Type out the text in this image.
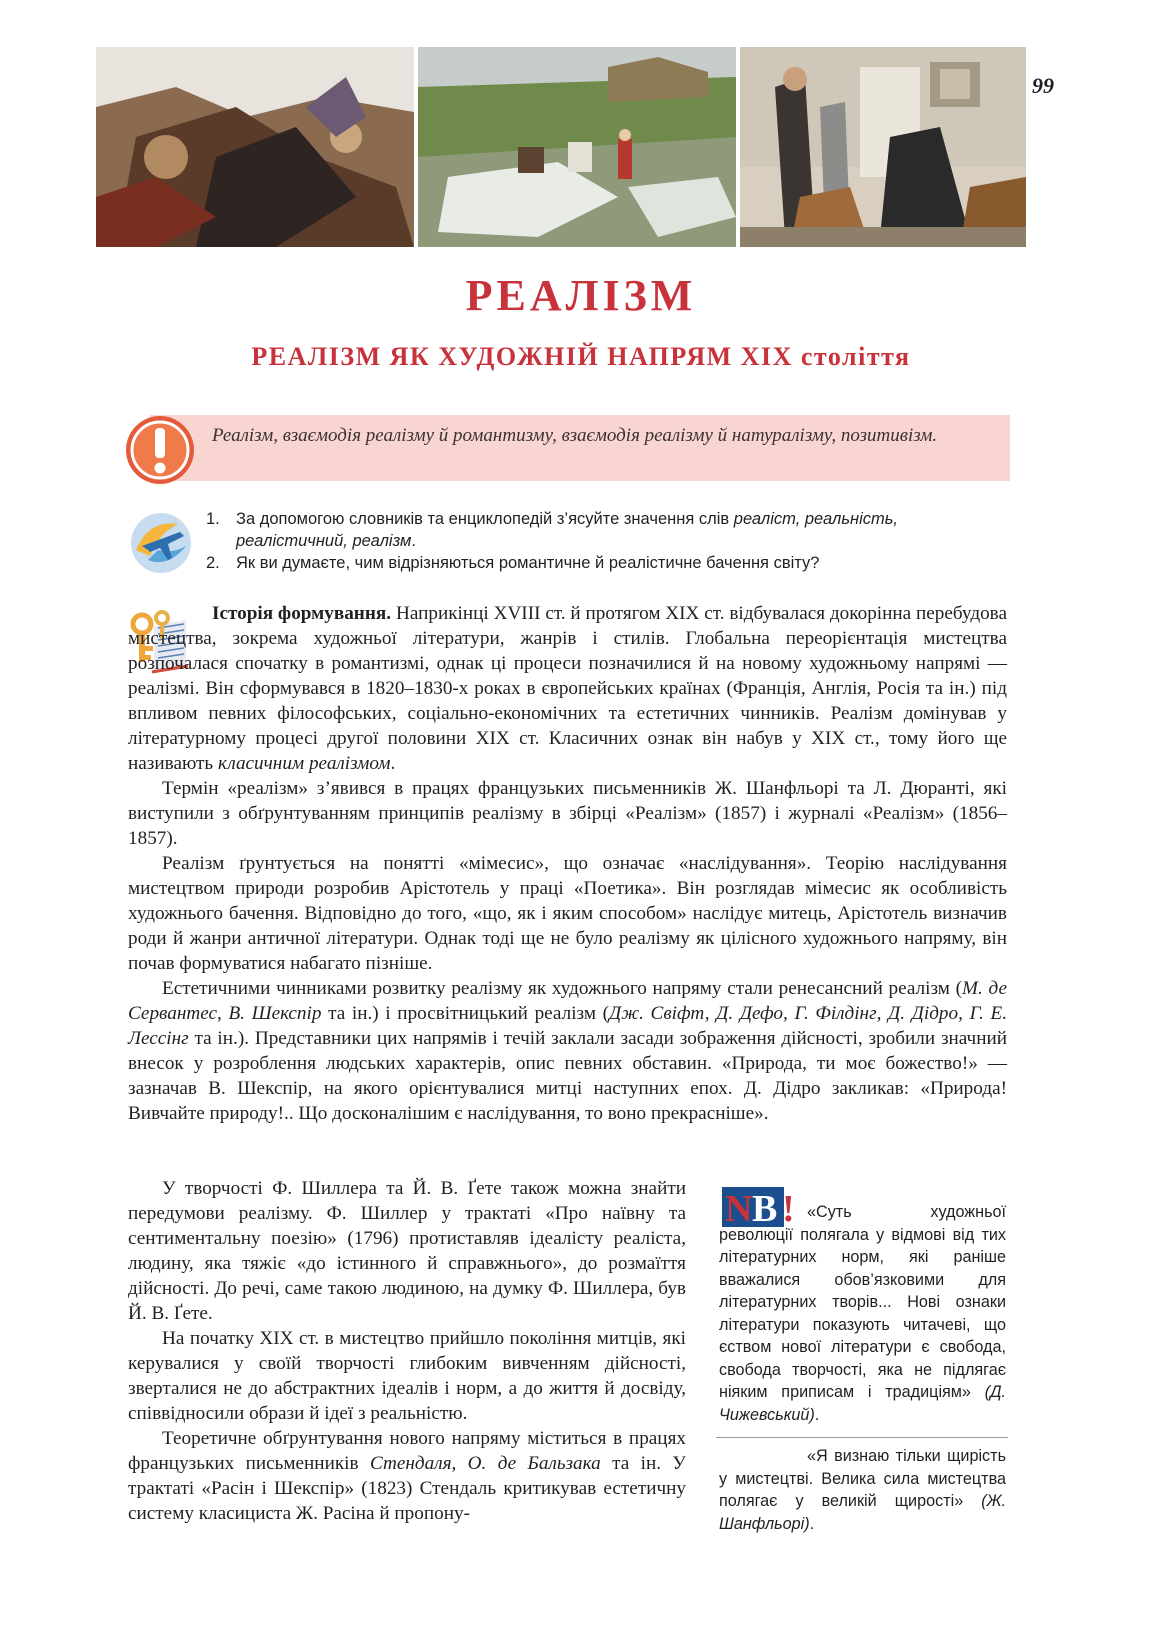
99
РЕАЛІЗМ
РЕАЛІЗМ ЯК ХУДОЖНІЙ НАПРЯМ XIX століття
Реалізм, взаємодія реалізму й романтизму, взаємодія реалізму й натуралізму, позитивізм.
1. За допомогою словників та енциклопедій з’ясуйте значення слів реаліст, реальність, реалістичний, реалізм.
2. Як ви думаєте, чим відрізняються романтичне й реалістичне бачення світу?

Історія формування. Наприкінці XVIII ст. й протягом XIX ст. відбувалася докорінна перебудова мистецтва, зокрема художньої літератури, жанрів і стилів. Глобальна переорієнтація мистецтва розпочалася спочатку в романтизмі, однак ці процеси позначилися й на новому художньому напрямі — реалізмі. Він сформувався в 1820–1830-х роках в європейських країнах (Франція, Англія, Росія та ін.) під впливом певних філософських, соціально-економічних та естетичних чинників. Реалізм домінував у літературному процесі другої половини XIX ст. Класичних ознак він набув у XIX ст., тому його ще називають класичним реалізмом.

Термін «реалізм» з’явився в працях французьких письменників Ж. Шанфльорі та Л. Дюранті, які виступили з обґрунтуванням принципів реалізму в збірці «Реалізм» (1857) і журналі «Реалізм» (1856–1857).

Реалізм ґрунтується на понятті «мімесис», що означає «наслідування». Теорію наслідування мистецтвом природи розробив Арістотель у праці «Поетика». Він розглядав мімесис як особливість художнього бачення. Відповідно до того, «що, як і яким способом» наслідує митець, Арістотель визначив роди й жанри античної літератури. Однак тоді ще не було реалізму як цілісного художнього напряму, він почав формуватися набагато пізніше.

Естетичними чинниками розвитку реалізму як художнього напряму стали ренесансний реалізм (М. де Сервантес, В. Шекспір та ін.) і просвітницький реалізм (Дж. Свіфт, Д. Дефо, Г. Філдінг, Д. Дідро, Г. Е. Лессінг та ін.). Представники цих напрямів і течій заклали засади зображення дійсності, зробили значний внесок у розроблення людських характерів, опис певних обставин. «Природа, ти моє божество!» — зазначав В. Шекспір, на якого орієнтувалися митці наступних епох. Д. Дідро закликав: «Природа! Вивчайте природу!.. Що досконалішим є наслідування, то воно прекрасніше».

У творчості Ф. Шиллера та Й. В. Ґете також можна знайти передумови реалізму. Ф. Шиллер у трактаті «Про наївну та сентиментальну поезію» (1796) протиставляв ідеалісту реаліста, людину, яка тяжіє «до істинного й справжнього», до розмаїття дійсності. До речі, саме такою людиною, на думку Ф. Шиллера, був Й. В. Ґете.

На початку XIX ст. в мистецтво прийшло покоління митців, які керувалися у своїй творчості глибоким вивченням дійсності, зверталися не до абстрактних ідеалів і норм, а до життя й досвіду, співвідносили образи й ідеї з реальністю.

Теоретичне обґрунтування нового напряму міститься в працях французьких письменників Стендаля, О. де Бальзака та ін. У трактаті «Расін і Шекспір» (1823) Стендаль критикував естетичну систему класициста Ж. Расіна й пропону-

N B ! «Суть художньої революції полягала у відмові від тих літературних норм, які раніше вважалися обов’язковими для літературних творів... Нові ознаки літератури показують читачеві, що єством нової літератури є свобода, свобода творчості, яка не підлягає ніяким приписам і традиціям» (Д. Чижевський).
«Я визнаю тільки щирість у мистецтві. Велика сила мистецтва полягає у великій щирості» (Ж. Шанфльорі).
